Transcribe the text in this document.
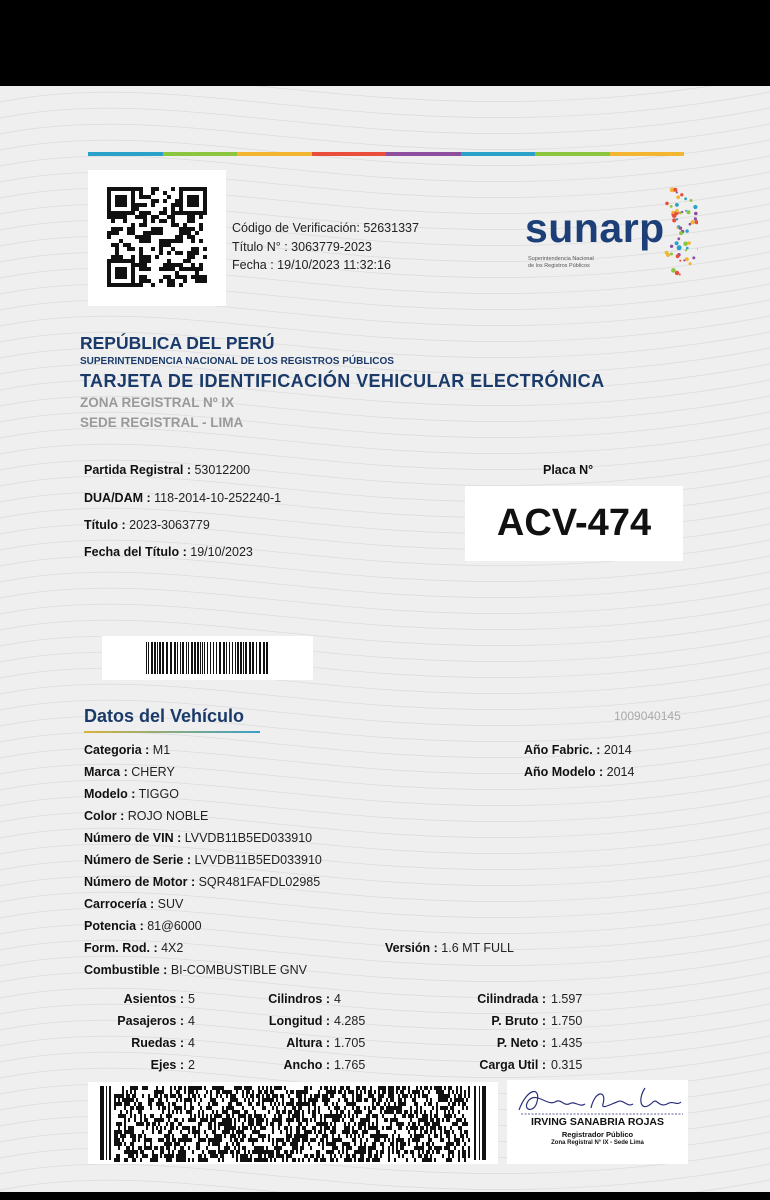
Código de Verificación: 52631337
Título N° : 3063779-2023
Fecha : 19/10/2023 11:32:16
sunarp
Superintendencia Nacional
de los Registros Públicos
REPÚBLICA DEL PERÚ
SUPERINTENDENCIA NACIONAL DE LOS REGISTROS PÚBLICOS
TARJETA DE IDENTIFICACIÓN VEHICULAR ELECTRÓNICA
ZONA REGISTRAL Nº IX
SEDE REGISTRAL - LIMA
Partida Registral : 53012200
DUA/DAM : 118-2014-10-252240-1
Título : 2023-3063779
Fecha del Título : 19/10/2023
Placa N°
ACV-474
Datos del Vehículo	1009040145
Categoria : M1
Marca : CHERY
Modelo : TIGGO
Color : ROJO NOBLE
Número de VIN : LVVDB11B5ED033910
Número de Serie : LVVDB11B5ED033910
Número de Motor : SQR481FAFDL02985
Carrocería : SUV
Potencia : 81@6000
Form. Rod. : 4X2	Versión : 1.6 MT FULL
Combustible : BI-COMBUSTIBLE GNV
Año Fabric. : 2014
Año Modelo : 2014
Asientos : 5
Pasajeros : 4
Ruedas : 4
Ejes : 2
Cilindros : 4
Longitud : 4.285
Altura : 1.705
Ancho : 1.765
Cilindrada : 1.597
P. Bruto : 1.750
P. Neto : 1.435
Carga Util : 0.315
IRVING SANABRIA ROJAS
Registrador Público
Zona Registral N° IX - Sede Lima
